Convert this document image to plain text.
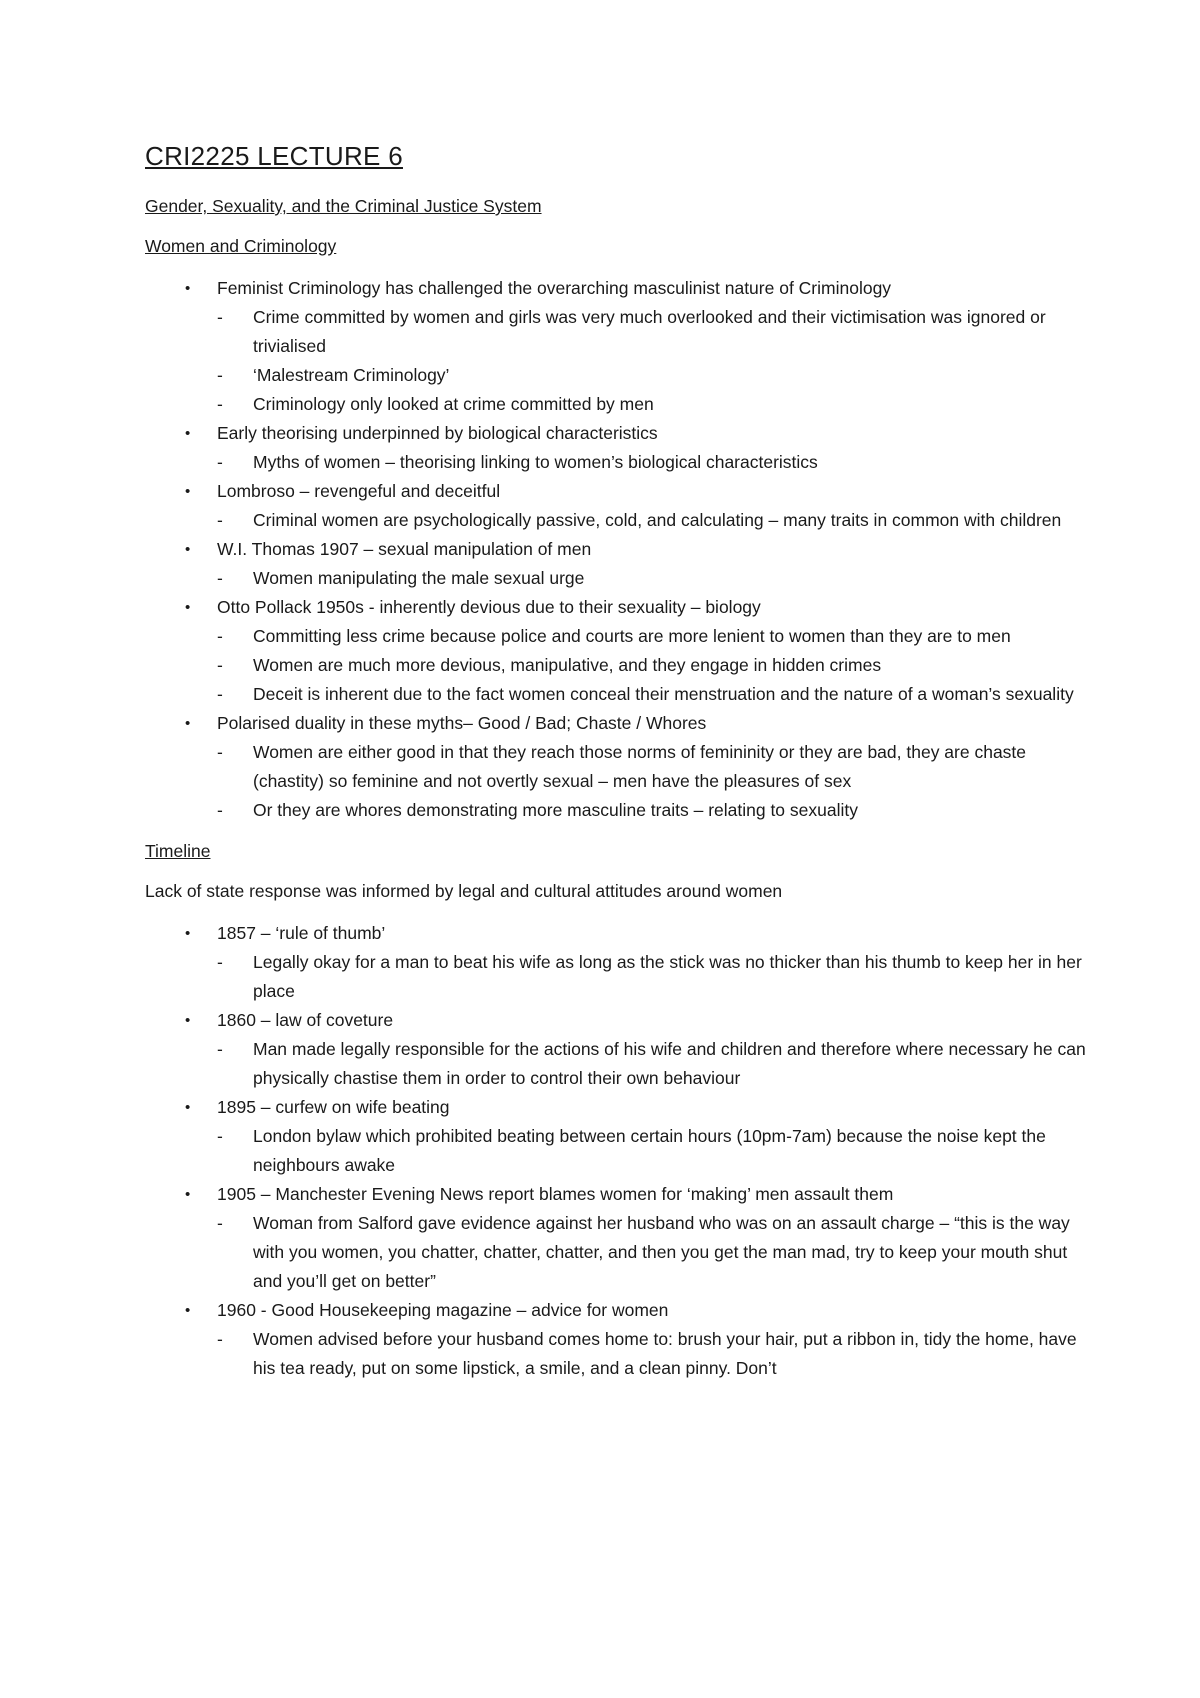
CRI2225 LECTURE 6
Gender, Sexuality, and the Criminal Justice System
Women and Criminology
• Feminist Criminology has challenged the overarching masculinist nature of Criminology
- Crime committed by women and girls was very much overlooked and their victimisation was ignored or trivialised
- ‘Malestream Criminology’
- Criminology only looked at crime committed by men
• Early theorising underpinned by biological characteristics
- Myths of women – theorising linking to women’s biological characteristics
• Lombroso – revengeful and deceitful
- Criminal women are psychologically passive, cold, and calculating – many traits in common with children
• W.I. Thomas 1907 – sexual manipulation of men
- Women manipulating the male sexual urge
• Otto Pollack 1950s - inherently devious due to their sexuality – biology
- Committing less crime because police and courts are more lenient to women than they are to men
- Women are much more devious, manipulative, and they engage in hidden crimes
- Deceit is inherent due to the fact women conceal their menstruation and the nature of a woman’s sexuality
• Polarised duality in these myths– Good / Bad; Chaste / Whores
- Women are either good in that they reach those norms of femininity or they are bad, they are chaste (chastity) so feminine and not overtly sexual – men have the pleasures of sex
- Or they are whores demonstrating more masculine traits – relating to sexuality
Timeline
Lack of state response was informed by legal and cultural attitudes around women
• 1857 – ‘rule of thumb’
- Legally okay for a man to beat his wife as long as the stick was no thicker than his thumb to keep her in her place
• 1860 – law of coveture
- Man made legally responsible for the actions of his wife and children and therefore where necessary he can physically chastise them in order to control their own behaviour
• 1895 – curfew on wife beating
- London bylaw which prohibited beating between certain hours (10pm-7am) because the noise kept the neighbours awake
• 1905 – Manchester Evening News report blames women for ‘making’ men assault them
- Woman from Salford gave evidence against her husband who was on an assault charge – “this is the way with you women, you chatter, chatter, chatter, and then you get the man mad, try to keep your mouth shut and you’ll get on better”
• 1960 - Good Housekeeping magazine – advice for women
- Women advised before your husband comes home to: brush your hair, put a ribbon in, tidy the home, have his tea ready, put on some lipstick, a smile, and a clean pinny. Don’t
